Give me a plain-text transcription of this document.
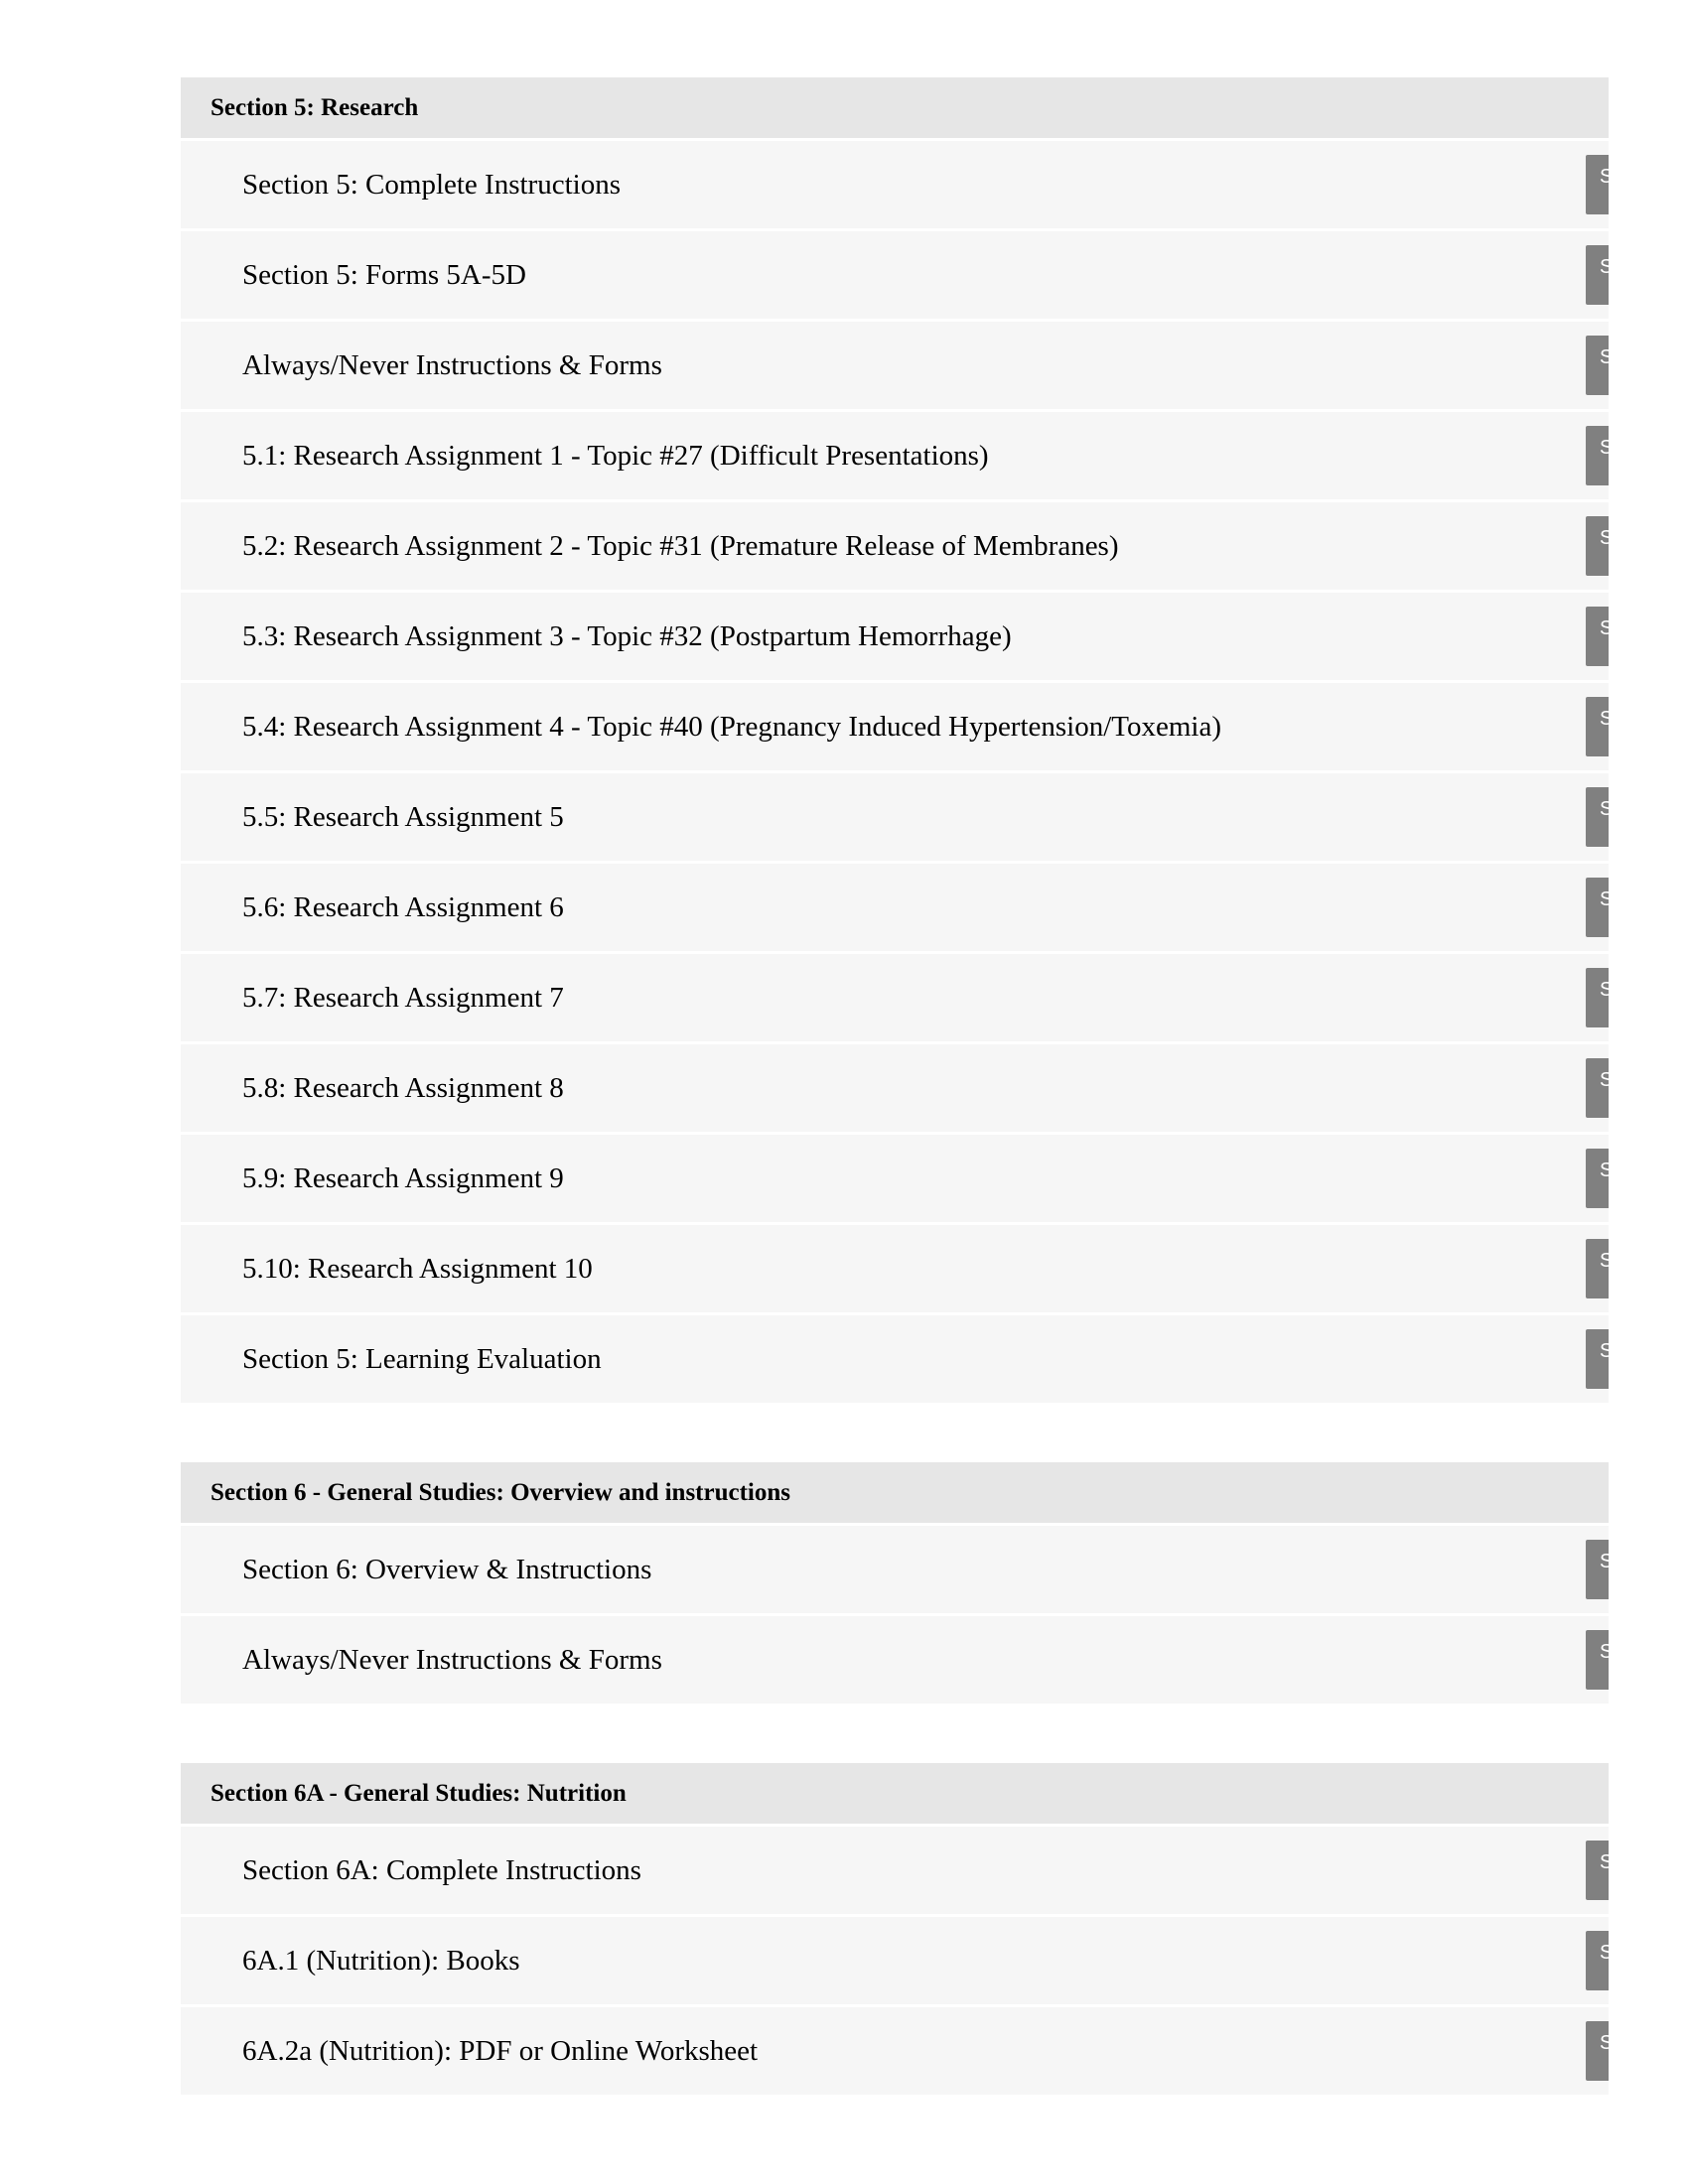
Section 5: Research
Section 5: Complete Instructions	S
Section 5: Forms 5A-5D	S
Always/Never Instructions & Forms	S
5.1: Research Assignment 1 - Topic #27 (Difficult Presentations)	S
5.2: Research Assignment 2 - Topic #31 (Premature Release of Membranes)	S
5.3: Research Assignment 3 - Topic #32 (Postpartum Hemorrhage)	S
5.4: Research Assignment 4 - Topic #40 (Pregnancy Induced Hypertension/Toxemia)	S
5.5: Research Assignment 5	S
5.6: Research Assignment 6	S
5.7: Research Assignment 7	S
5.8: Research Assignment 8	S
5.9: Research Assignment 9	S
5.10: Research Assignment 10	S
Section 5: Learning Evaluation	S
Section 6 - General Studies: Overview and instructions
Section 6: Overview & Instructions	S
Always/Never Instructions & Forms	S
Section 6A - General Studies: Nutrition
Section 6A: Complete Instructions	S
6A.1 (Nutrition): Books	S
6A.2a (Nutrition): PDF or Online Worksheet	S
